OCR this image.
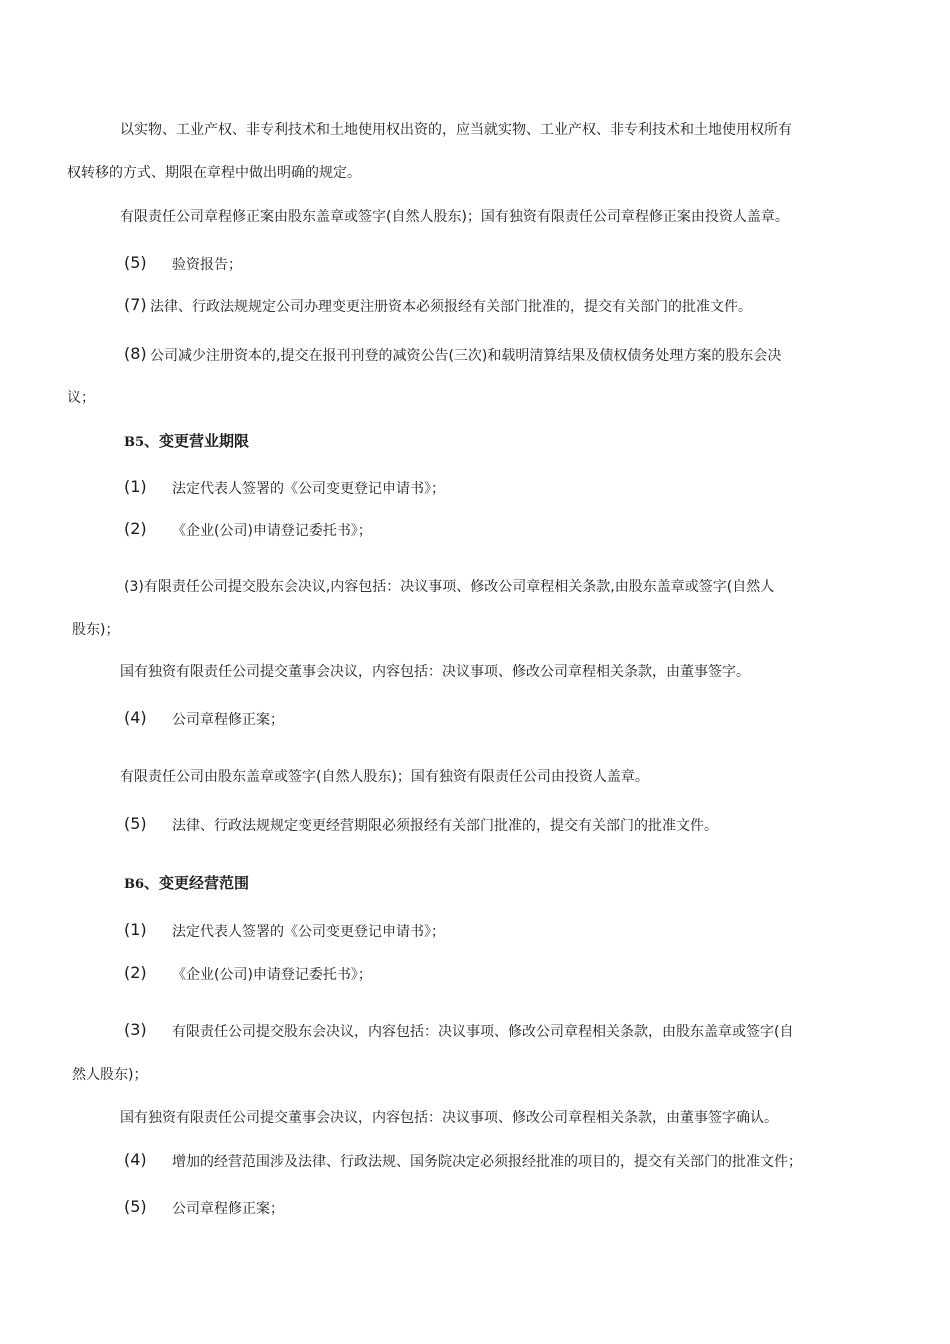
以实物、工业产权、非专利技术和土地使用权出资的，应当就实物、工业产权、非专利技术和土地使用权所有
权转移的方式、期限在章程中做出明确的规定。
有限责任公司章程修正案由股东盖章或签字(自然人股东)；国有独资有限责任公司章程修正案由投资人盖章。
(5) 验资报告；
(7) 法律、行政法规规定公司办理变更注册资本必须报经有关部门批准的，提交有关部门的批准文件。
(8) 公司减少注册资本的,提交在报刊刊登的减资公告(三次)和载明清算结果及债权债务处理方案的股东会决
议；
B5、变更营业期限
(1) 法定代表人签署的《公司变更登记申请书》；
(2) 《企业(公司)申请登记委托书》；
(3)有限责任公司提交股东会决议,内容包括：决议事项、修改公司章程相关条款,由股东盖章或签字(自然人
股东)；
国有独资有限责任公司提交董事会决议，内容包括：决议事项、修改公司章程相关条款，由董事签字。
(4) 公司章程修正案；
有限责任公司由股东盖章或签字(自然人股东)；国有独资有限责任公司由投资人盖章。
(5) 法律、行政法规规定变更经营期限必须报经有关部门批准的，提交有关部门的批准文件。
B6、变更经营范围
(1) 法定代表人签署的《公司变更登记申请书》；
(2) 《企业(公司)申请登记委托书》；
(3) 有限责任公司提交股东会决议，内容包括：决议事项、修改公司章程相关条款，由股东盖章或签字(自
然人股东)；
国有独资有限责任公司提交董事会决议，内容包括：决议事项、修改公司章程相关条款，由董事签字确认。
(4) 增加的经营范围涉及法律、行政法规、国务院决定必须报经批准的项目的，提交有关部门的批准文件；
(5) 公司章程修正案；
